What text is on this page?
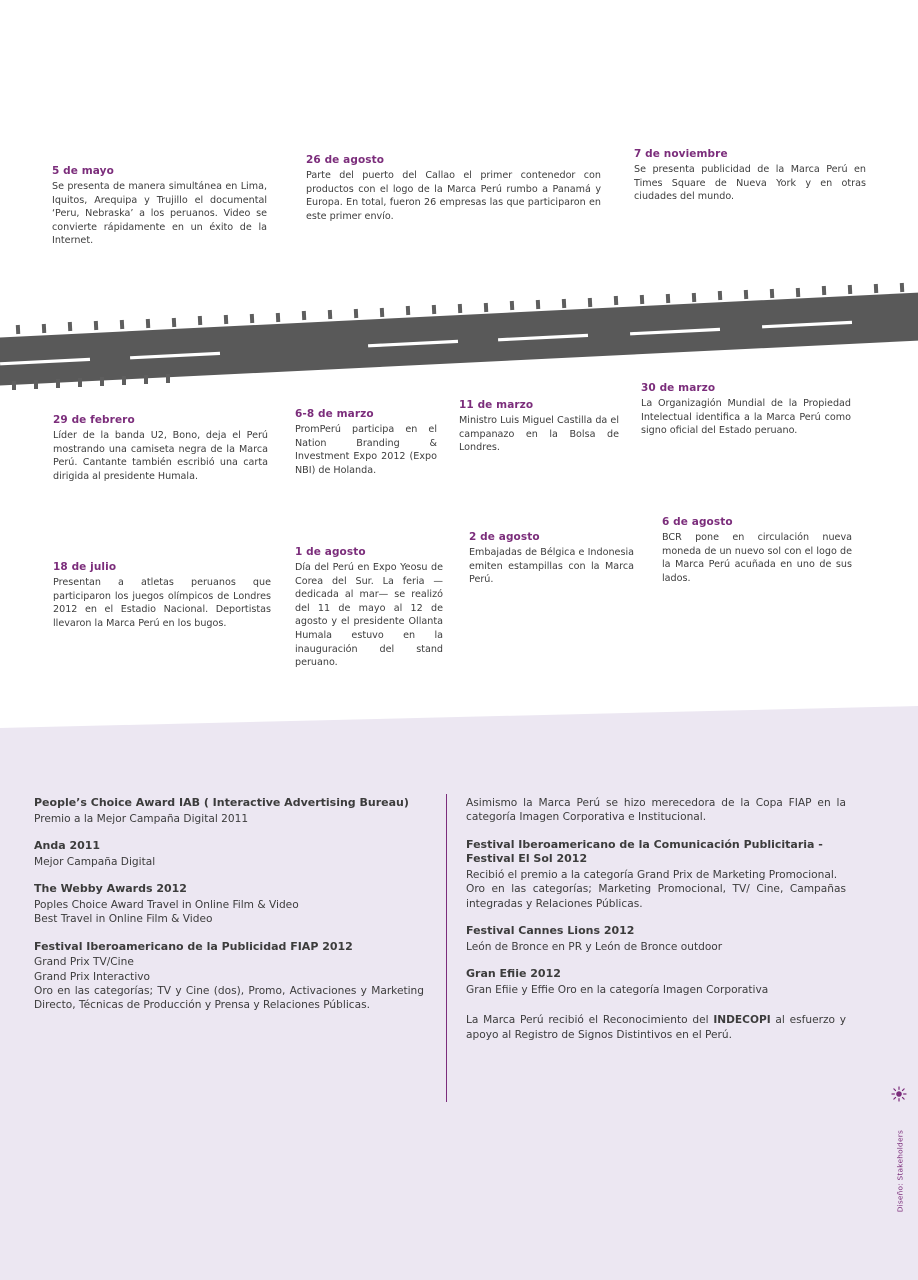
5 de mayo
Se presenta de manera simultánea en Lima, Iquitos, Arequipa y Trujillo el documental ‘Peru, Nebraska’ a los peruanos. Video se convierte rápidamente en un éxito de la Internet.
26 de agosto
Parte del puerto del Callao el primer contenedor con productos con el logo de la Marca Perú rumbo a Panamá y Europa. En total, fueron 26 empresas las que participaron en este primer envío.
7 de noviembre
Se presenta publicidad de la Marca Perú en Times Square de Nueva York y en otras ciudades del mundo.
29 de febrero
Líder de la banda U2, Bono, deja el Perú mostrando una camiseta negra de la Marca Perú. Cantante también escribió una carta dirigida al presidente Humala.
6-8 de marzo
PromPerú participa en el Nation Branding & Investment Expo 2012 (Expo NBI) de Holanda.
11 de marzo
Ministro Luis Miguel Castilla da el campanazo en la Bolsa de Londres.
30 de marzo
La Organizagión Mundial de la Propiedad Intelectual identifica a la Marca Perú como signo oficial del Estado peruano.
18 de julio
Presentan a atletas peruanos que participaron los juegos olímpicos de Londres 2012 en el Estadio Nacional. Deportistas llevaron la Marca Perú en los bugos.
1 de agosto
Día del Perú en Expo Yeosu de Corea del Sur. La feria —dedicada al mar— se realizó del 11 de mayo al 12 de agosto y el presidente Ollanta Humala estuvo en la inauguración del stand peruano.
2 de agosto
Embajadas de Bélgica e Indonesia emiten estampillas con la Marca Perú.
6 de agosto
BCR pone en circulación nueva moneda de un nuevo sol con el logo de la Marca Perú acuñada en uno de sus lados.
People’s Choice Award IAB ( Interactive Advertising Bureau)

Premio a la Mejor Campaña Digital 2011

Anda 2011

Mejor Campaña Digital

The Webby Awards 2012

Poples Choice Award Travel in Online Film & Video

Best Travel in Online Film & Video

Festival Iberoamericano de la Publicidad FIAP 2012

Grand Prix TV/Cine

Grand Prix Interactivo

Oro en las categorías; TV y Cine (dos), Promo, Activaciones y Marketing Directo, Técnicas de Producción y Prensa y Relaciones Públicas.

Asimismo la Marca Perú se hizo merecedora de la Copa FIAP en la categoría Imagen Corporativa e Institucional.

Festival Iberoamericano de la Comunicación Publicitaria - Festival El Sol 2012

Recibió el premio a la categoría Grand Prix de Marketing Promocional.

Oro en las categorías; Marketing Promocional, TV/ Cine, Campañas integradas y Relaciones Públicas.

Festival Cannes Lions 2012

León de Bronce en PR y León de Bronce outdoor

Gran Efiie 2012

Gran Efiie y Effie Oro en la categoría Imagen Corporativa

La Marca Perú recibió el Reconocimiento del INDECOPI al esfuerzo y apoyo al Registro de Signos Distintivos en el Perú.
Diseño: Stakeholders
